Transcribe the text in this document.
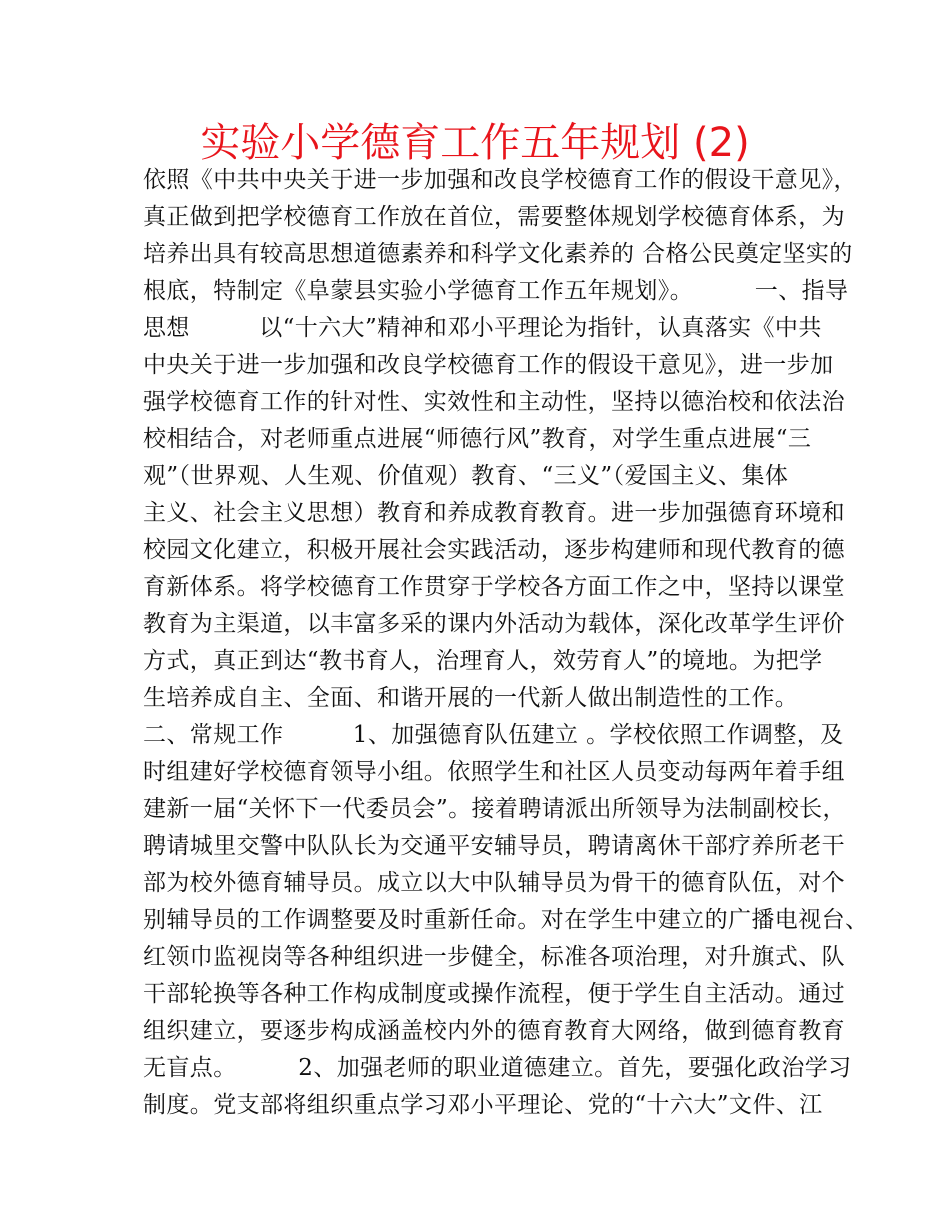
实验小学德育工作五年规划 (2)
依照《中共中央关于进一步加强和改良学校德育工作的假设干意见》，
真正做到把学校德育工作放在首位，需要整体规划学校德育体系，为
培养出具有较高思想道德素养和科学文化素养的 合格公民奠定坚实的
根底，特制定《阜蒙县实验小学德育工作五年规划》。        一、指导
思想         以“十六大”精神和邓小平理论为指针，认真落实《中共
中央关于进一步加强和改良学校德育工作的假设干意见》，进一步加
强学校德育工作的针对性、实效性和主动性，坚持以德治校和依法治
校相结合，对老师重点进展“师德行风”教育，对学生重点进展“三
观”（世界观、人生观、价值观）教育、“三义”（爱国主义、集体
主义、社会主义思想）教育和养成教育教育。进一步加强德育环境和
校园文化建立，积极开展社会实践活动，逐步构建师和现代教育的德
育新体系。将学校德育工作贯穿于学校各方面工作之中，坚持以课堂
教育为主渠道，以丰富多采的课内外活动为载体，深化改革学生评价
方式，真正到达“教书育人，治理育人，效劳育人”的境地。为把学
生培养成自主、全面、和谐开展的一代新人做出制造性的工作。
二、常规工作         1、加强德育队伍建立 。学校依照工作调整，及
时组建好学校德育领导小组。依照学生和社区人员变动每两年着手组
建新一届“关怀下一代委员会”。接着聘请派出所领导为法制副校长，
聘请城里交警中队队长为交通平安辅导员，聘请离休干部疗养所老干
部为校外德育辅导员。成立以大中队辅导员为骨干的德育队伍，对个
别辅导员的工作调整要及时重新任命。对在学生中建立的广播电视台、
红领巾监视岗等各种组织进一步健全，标准各项治理，对升旗式、队
干部轮换等各种工作构成制度或操作流程，便于学生自主活动。通过
组织建立，要逐步构成涵盖校内外的德育教育大网络，做到德育教育
无盲点。        2、加强老师的职业道德建立。首先，要强化政治学习
制度。党支部将组织重点学习邓小平理论、党的“十六大”文件、江
